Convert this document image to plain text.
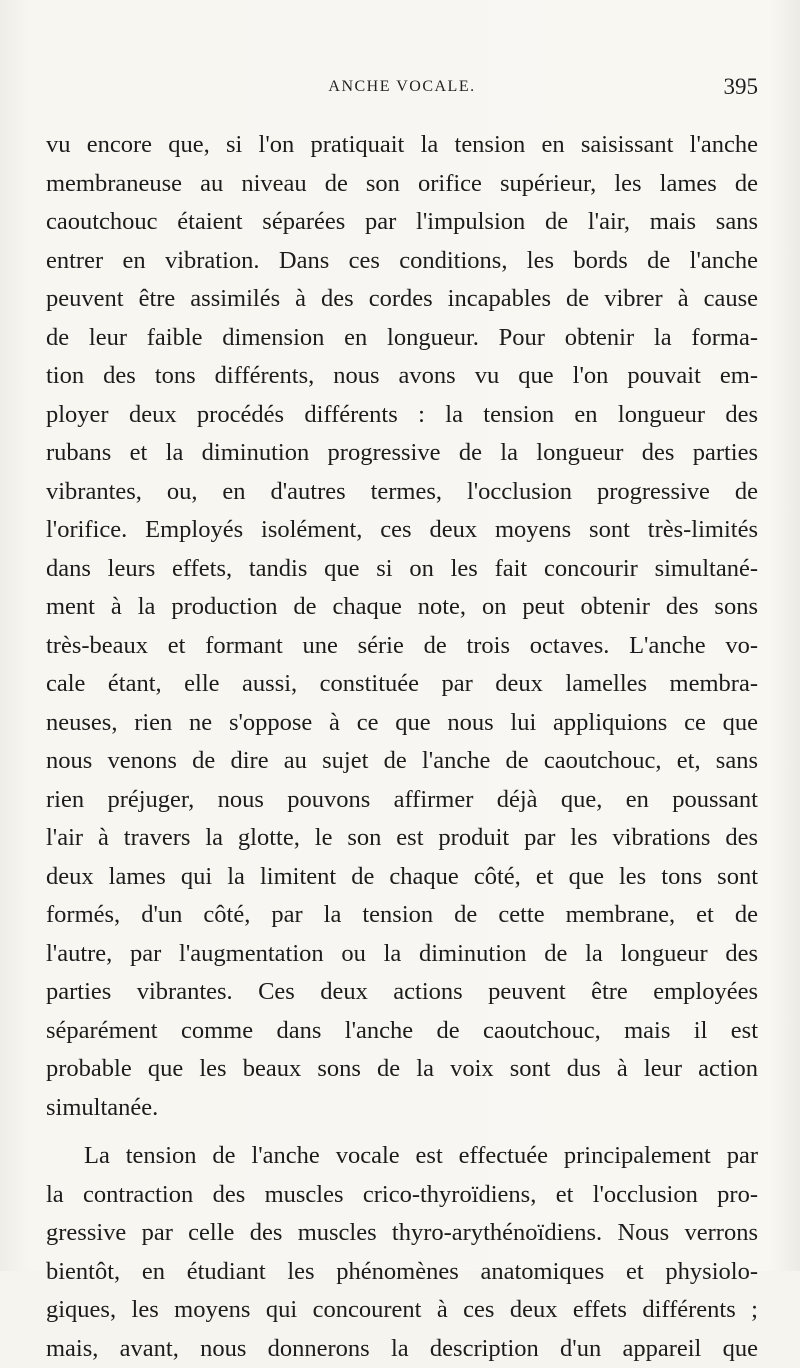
ANCHE VOCALE.	395
vu encore que, si l'on pratiquait la tension en saisissant l'anche
membraneuse au niveau de son orifice supérieur, les lames de
caoutchouc étaient séparées par l'impulsion de l'air, mais sans
entrer en vibration. Dans ces conditions, les bords de l'anche
peuvent être assimilés à des cordes incapables de vibrer à cause
de leur faible dimension en longueur. Pour obtenir la forma-
tion des tons différents, nous avons vu que l'on pouvait em-
ployer deux procédés différents : la tension en longueur des
rubans et la diminution progressive de la longueur des parties
vibrantes, ou, en d'autres termes, l'occlusion progressive de
l'orifice. Employés isolément, ces deux moyens sont très-limités
dans leurs effets, tandis que si on les fait concourir simultané-
ment à la production de chaque note, on peut obtenir des sons
très-beaux et formant une série de trois octaves. L'anche vo-
cale étant, elle aussi, constituée par deux lamelles membra-
neuses, rien ne s'oppose à ce que nous lui appliquions ce que
nous venons de dire au sujet de l'anche de caoutchouc, et, sans
rien préjuger, nous pouvons affirmer déjà que, en poussant
l'air à travers la glotte, le son est produit par les vibrations des
deux lames qui la limitent de chaque côté, et que les tons sont
formés, d'un côté, par la tension de cette membrane, et de
l'autre, par l'augmentation ou la diminution de la longueur des
parties vibrantes. Ces deux actions peuvent être employées
séparément comme dans l'anche de caoutchouc, mais il est
probable que les beaux sons de la voix sont dus à leur action
simultanée.
La tension de l'anche vocale est effectuée principalement par
la contraction des muscles crico-thyroïdiens, et l'occlusion pro-
gressive par celle des muscles thyro-arythénoïdiens. Nous verrons
bientôt, en étudiant les phénomènes anatomiques et physiolo-
giques, les moyens qui concourent à ces deux effets différents ;
mais, avant, nous donnerons la description d'un appareil que
